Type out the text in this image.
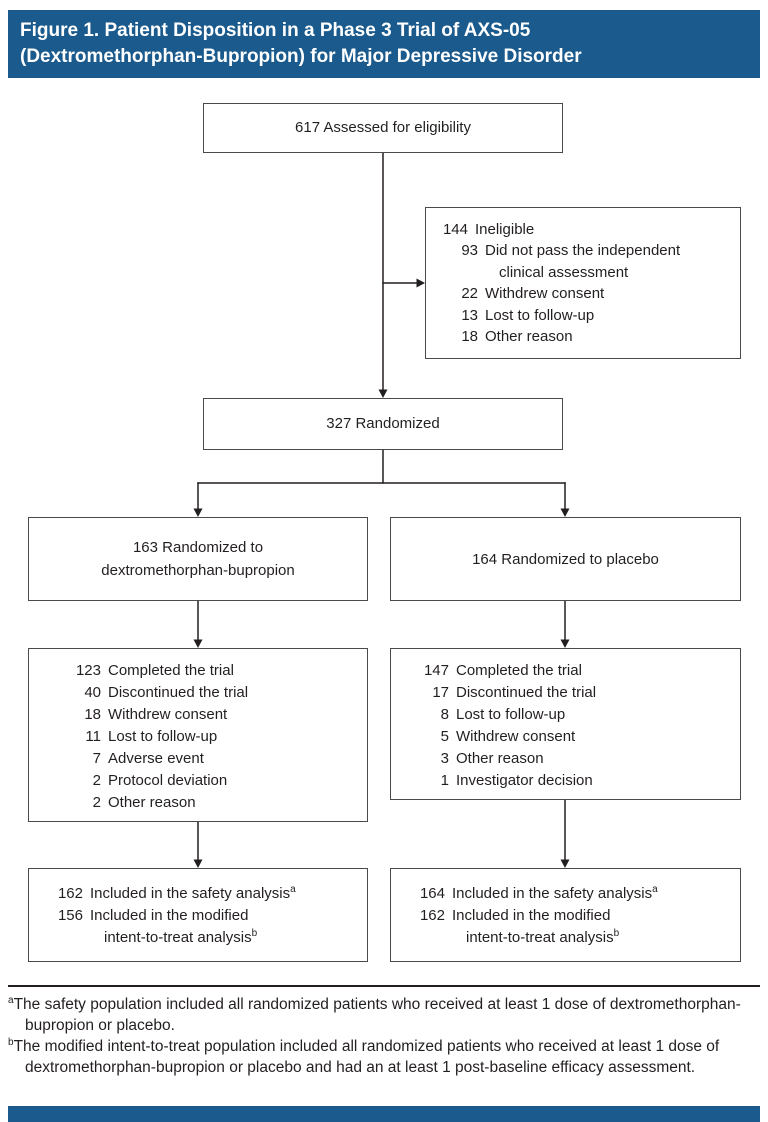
Figure 1. Patient Disposition in a Phase 3 Trial of AXS-05
(Dextromethorphan-Bupropion) for Major Depressive Disorder
617 Assessed for eligibility
144 Ineligible
93 Did not pass the independent
clinical assessment
22 Withdrew consent
13 Lost to follow-up
18 Other reason
327 Randomized
163 Randomized to
dextromethorphan-bupropion
164 Randomized to placebo
123 Completed the trial
40 Discontinued the trial
18 Withdrew consent
11 Lost to follow-up
7 Adverse event
2 Protocol deviation
2 Other reason
147 Completed the trial
17 Discontinued the trial
8 Lost to follow-up
5 Withdrew consent
3 Other reason
1 Investigator decision
162 Included in the safety analysis$^a$
156 Included in the modified
intent-to-treat analysis$^b$
164 Included in the safety analysis$^a$
162 Included in the modified
intent-to-treat analysis$^b$
$^a$The safety population included all randomized patients who received at least 1 dose of dextromethorphan-bupropion or placebo.
$^b$The modified intent-to-treat population included all randomized patients who received at least 1 dose of dextromethorphan-bupropion or placebo and had an at least 1 post-baseline efficacy assessment.
